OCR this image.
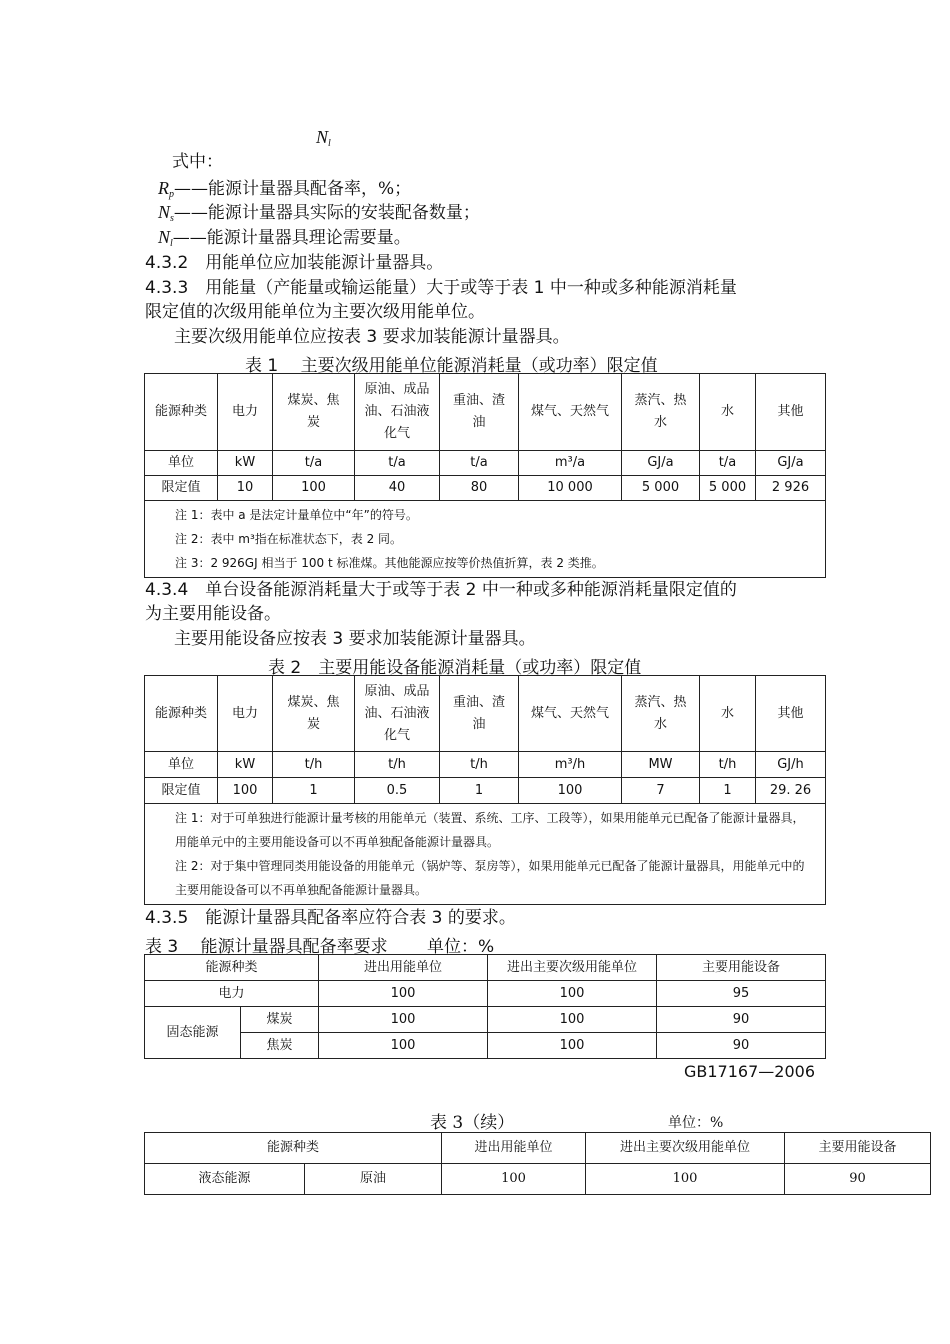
$N_l$
式中：
$R_p——$能源计量器具配备率，%；
$N_s——$能源计量器具实际的安装配备数量；
$N_l——$能源计量器具理论需要量。
4.3.2　用能单位应加装能源计量器具。
4.3.3　用能量（产能量或输运能量）大于或等于表 1 中一种或多种能源消耗量
限定值的次级用能单位为主要次级用能单位。
主要次级用能单位应按表 3 要求加装能源计量器具。
表 1　 主要次级用能单位能源消耗量（或功率）限定值
能源种类	电力	煤炭、焦炭	原油、成品油、石油液化气	重油、渣油	煤气、天然气	蒸汽、热水	水	其他
单位	kW	t/a	t/a	t/a	m³/a	GJ/a	t/a	GJ/a
限定值	10	100	40	80	10 000	5 000	5 000	2 926

注 1：表中 a 是法定计量单位中“年”的符号。
注 2：表中 m³指在标准状态下，表 2 同。
注 3：2 926GJ 相当于 100 t 标准煤。其他能源应按等价热值折算，表 2 类推。								
4.3.4　单台设备能源消耗量大于或等于表 2 中一种或多种能源消耗量限定值的
为主要用能设备。
主要用能设备应按表 3 要求加装能源计量器具。
表 2　主要用能设备能源消耗量（或功率）限定值
能源种类	电力	煤炭、焦炭	原油、成品油、石油液化气	重油、渣油	煤气、天然气	蒸汽、热水	水	其他
单位	kW	t/h	t/h	t/h	m³/h	MW	t/h	GJ/h
限定值	100	1	0.5	1	100	7	1	29. 26

注 1：对于可单独进行能源计量考核的用能单元（装置、系统、工序、工段等），如果用能单元已配备了能源计量器具，用能单元中的主要用能设备可以不再单独配备能源计量器具。
注 2：对于集中管理同类用能设备的用能单元（锅炉等、泵房等），如果用能单元已配备了能源计量器具，用能单元中的主要用能设备可以不再单独配备能源计量器具。								
4.3.5　能源计量器具配备率应符合表 3 的要求。
表 3　 能源计量器具配备率要求　　 单位：%
能源种类		进出用能单位	进出主要次级用能单位	主要用能设备
电力		100	100	95
固态能源	煤炭	100	100	90
	焦炭	100	100	90
GB17167—2006
表 3（续）	单位：%
能源种类		进出用能单位	进出主要次级用能单位	主要用能设备
液态能源	原油	100	100	90
